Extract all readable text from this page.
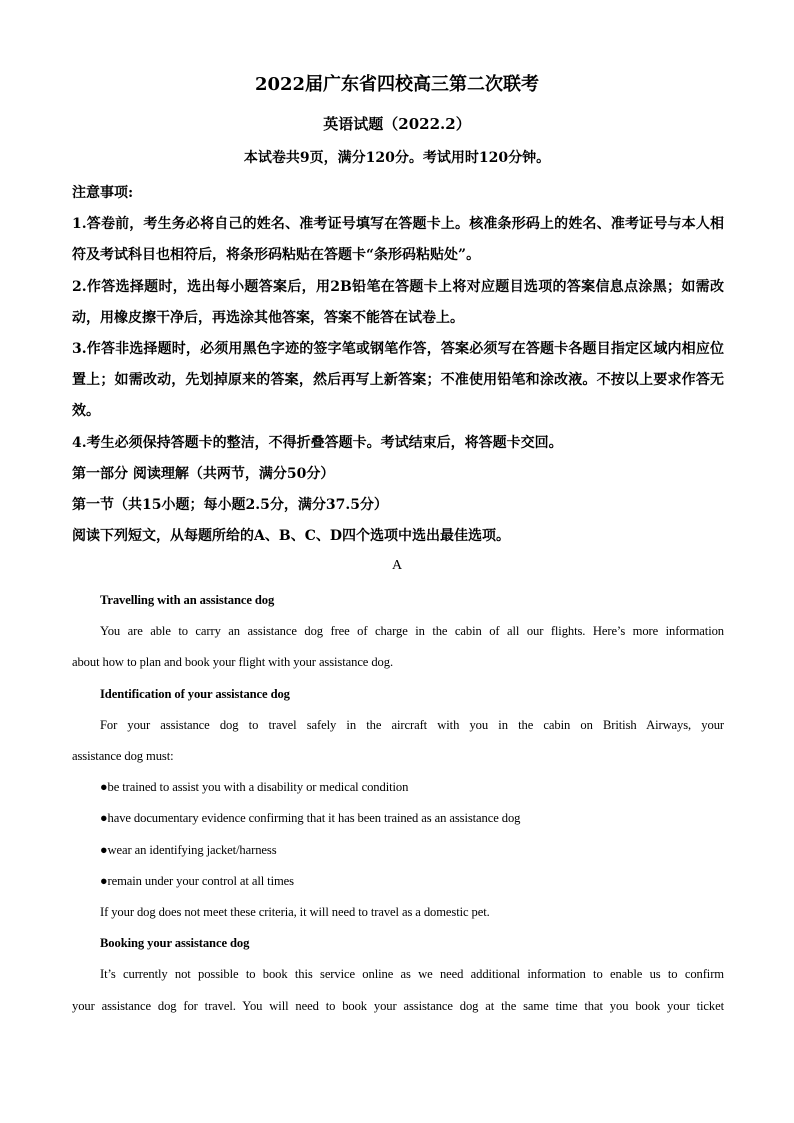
2022届广东省四校高三第二次联考
英语试题（2022.2）
本试卷共9页，满分120分。考试用时120分钟。

注意事项:

1.答卷前，考生务必将自己的姓名、准考证号填写在答题卡上。核准条形码上的姓名、准考证号与本人相符及考试科目也相符后，将条形码粘贴在答题卡“条形码粘贴处”。

2.作答选择题时，选出每小题答案后，用2B铅笔在答题卡上将对应题目选项的答案信息点涂黑；如需改动，用橡皮擦干净后，再选涂其他答案，答案不能答在试卷上。

3.作答非选择题时，必须用黑色字迹的签字笔或钢笔作答，答案必须写在答题卡各题目指定区域内相应位置上；如需改动，先划掉原来的答案，然后再写上新答案；不准使用铅笔和涂改液。不按以上要求作答无效。

4.考生必须保持答题卡的整洁，不得折叠答题卡。考试结束后，将答题卡交回。

第一部分 阅读理解（共两节，满分50分）

第一节（共15小题；每小题2.5分，满分37.5分）

阅读下列短文，从每题所给的A、B、C、D四个选项中选出最佳选项。

A

Travelling with an assistance dog

You are able to carry an assistance dog free of charge in the cabin of all our flights. Here’s more information

about how to plan and book your flight with your assistance dog.

Identification of your assistance dog

For your assistance dog to travel safely in the aircraft with you in the cabin on British Airways, your

assistance dog must:

●be trained to assist you with a disability or medical condition

●have documentary evidence confirming that it has been trained as an assistance dog

●wear an identifying jacket/harness

●remain under your control at all times

If your dog does not meet these criteria, it will need to travel as a domestic pet.

Booking your assistance dog

It’s currently not possible to book this service online as we need additional information to enable us to confirm

your assistance dog for travel. You will need to book your assistance dog at the same time that you book your ticket
